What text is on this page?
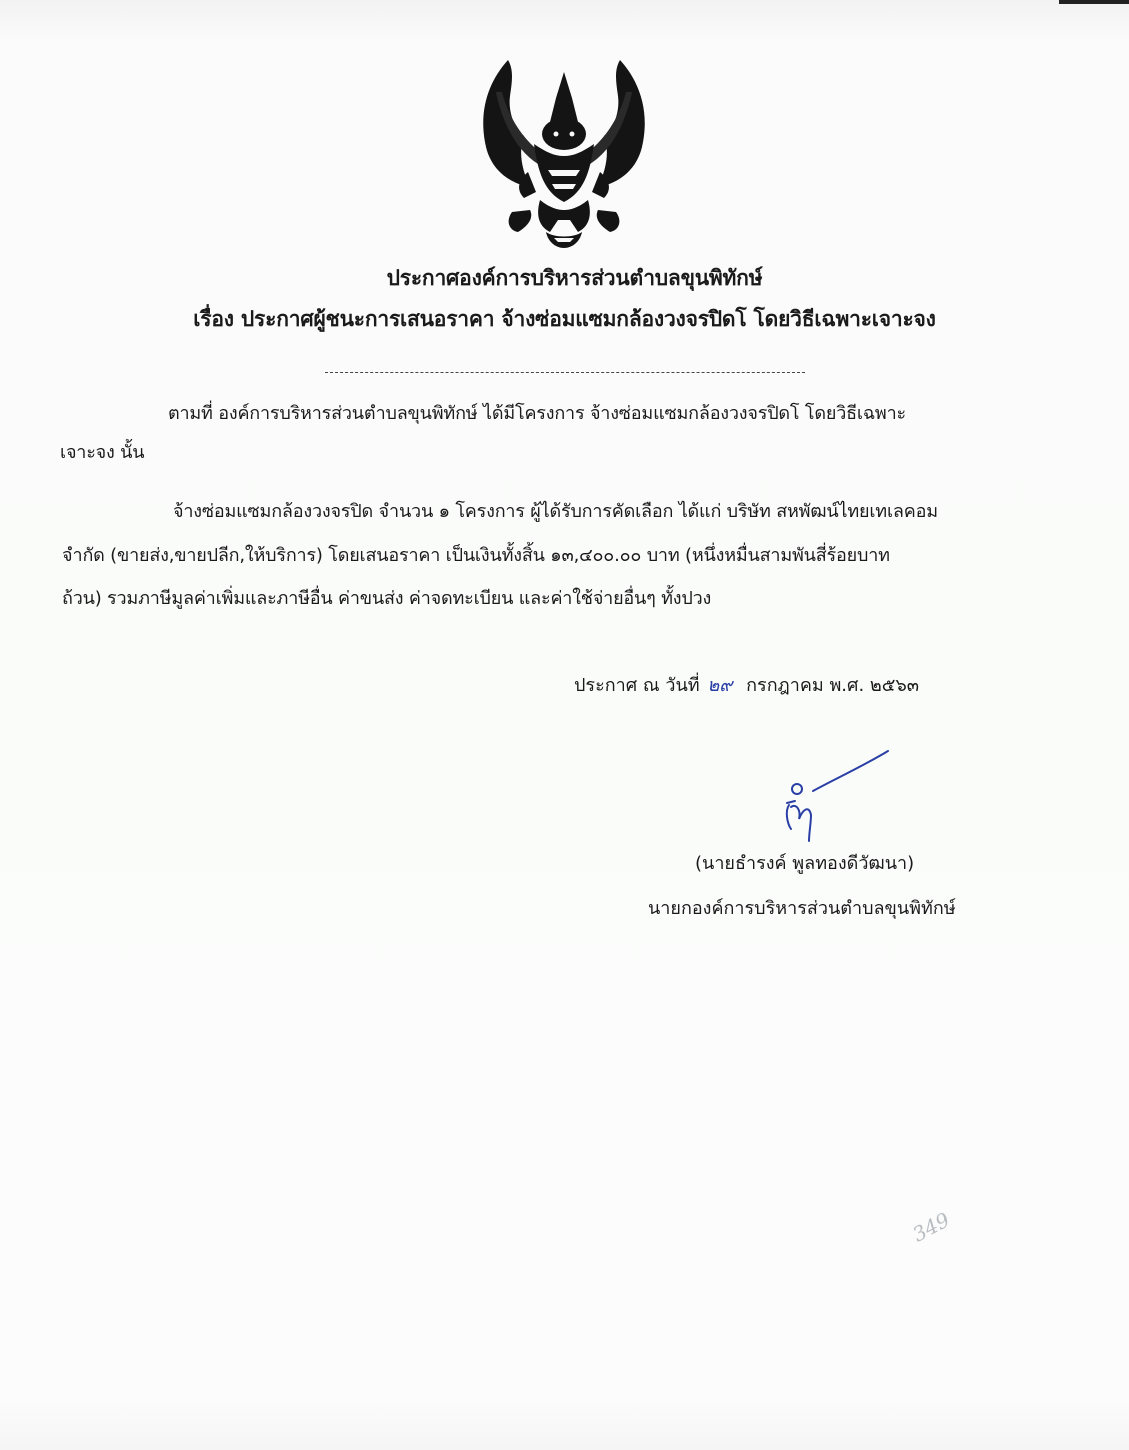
ประกาศองค์การบริหารส่วนตำบลขุนพิทักษ์
เรื่อง ประกาศผู้ชนะการเสนอราคา จ้างซ่อมแซมกล้องวงจรปิดโ โดยวิธีเฉพาะเจาะจง
ตามที่ องค์การบริหารส่วนตำบลขุนพิทักษ์ ได้มีโครงการ จ้างซ่อมแซมกล้องวงจรปิดโ โดยวิธีเฉพาะ
เจาะจง นั้น
จ้างซ่อมแซมกล้องวงจรปิด จำนวน ๑ โครงการ ผู้ได้รับการคัดเลือก ได้แก่ บริษัท สหพัฒน์ไทยเทเลคอม
จำกัด (ขายส่ง,ขายปลีก,ให้บริการ) โดยเสนอราคา เป็นเงินทั้งสิ้น ๑๓,๔๐๐.๐๐ บาท (หนึ่งหมื่นสามพันสี่ร้อยบาท
ถ้วน) รวมภาษีมูลค่าเพิ่มและภาษีอื่น ค่าขนส่ง ค่าจดทะเบียน และค่าใช้จ่ายอื่นๆ ทั้งปวง
ประกาศ ณ วันที่ ๒๙ กรกฎาคม พ.ศ. ๒๕๖๓
(นายธำรงค์ พูลทองดีวัฒนา)
นายกองค์การบริหารส่วนตำบลขุนพิทักษ์
349
